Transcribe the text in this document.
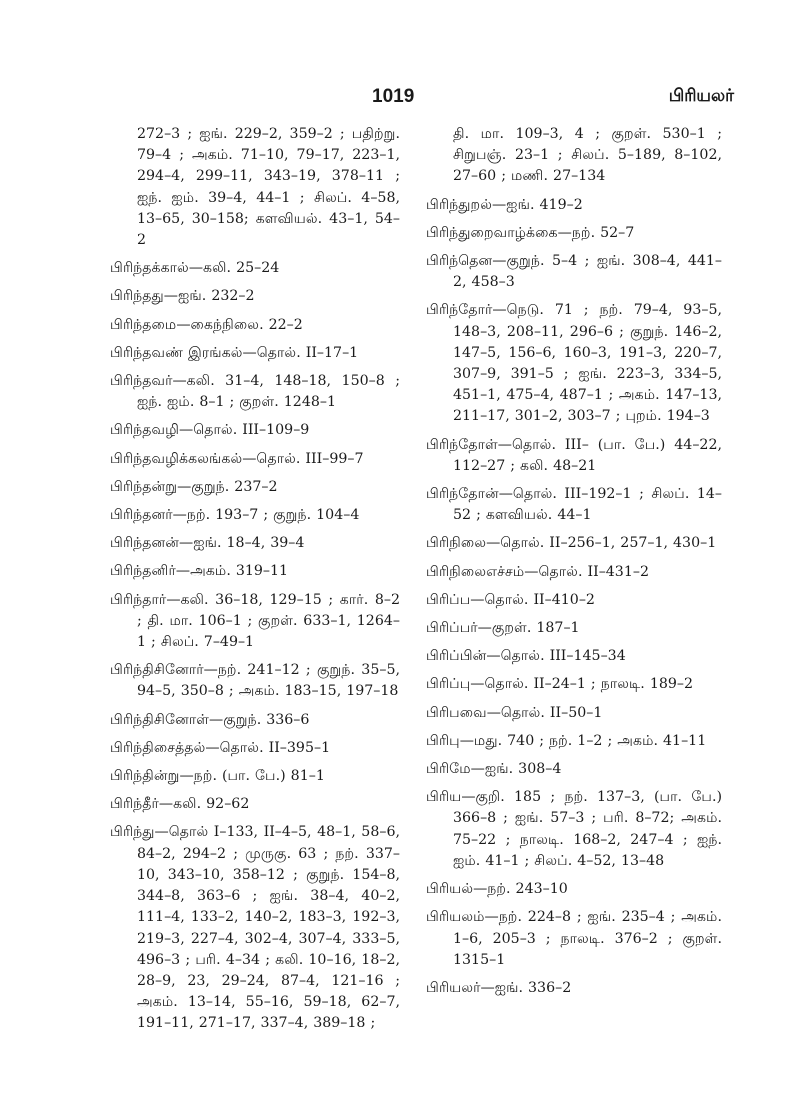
1019	பிரியலர்

272–3 ; ஐங். 229–2, 359–2 ; பதிற்று. 79–4 ; அகம். 71–10, 79–17, 223–1, 294–4, 299–11, 343–19, 378–11 ; ஐந். ஐம். 39–4, 44–1 ; சிலப். 4–58, 13–65, 30–158; களவியல். 43–1, 54–2

பிரிந்தக்கால்—கலி. 25–24

பிரிந்தது—ஐங். 232–2

பிரிந்தமை—கைந்நிலை. 22–2

பிரிந்தவண் இரங்கல்—தொல். II–17–1

பிரிந்தவர்—கலி. 31–4, 148–18, 150–8 ; ஐந். ஐம். 8–1 ; குறள். 1248–1

பிரிந்தவழி—தொல். III–109–9

பிரிந்தவழிக்கலங்கல்—தொல். III–99–7

பிரிந்தன்று—குறுந். 237–2

பிரிந்தனர்—நற். 193–7 ; குறுந். 104–4

பிரிந்தனன்—ஐங். 18–4, 39–4

பிரிந்தனிர்—அகம். 319–11

பிரிந்தார்—கலி. 36–18, 129–15 ; கார். 8–2 ; தி. மா. 106–1 ; குறள். 633–1, 1264–1 ; சிலப். 7–49–1

பிரிந்திசினோர்—நற். 241–12 ; குறுந். 35–5, 94–5, 350–8 ; அகம். 183–15, 197–18

பிரிந்திசினோள்—குறுந். 336–6

பிரிந்திசைத்தல்—தொல். II–395–1

பிரிந்தின்று—நற். (பா. பே.) 81–1

பிரிந்தீர்—கலி. 92–62

பிரிந்து—தொல் I–133, II–4–5, 48–1, 58–6, 84–2, 294–2 ; முருகு. 63 ; நற். 337–10, 343–10, 358–12 ; குறுந். 154–8, 344–8, 363–6 ; ஐங். 38–4, 40–2, 111–4, 133–2, 140–2, 183–3, 192–3, 219–3, 227–4, 302–4, 307–4, 333–5, 496–3 ; பரி. 4–34 ; கலி. 10–16, 18–2, 28–9, 23, 29–24, 87–4, 121–16 ; அகம். 13–14, 55–16, 59–18, 62–7, 191–11, 271–17, 337–4, 389–18 ;

தி. மா. 109–3, 4 ; குறள். 530–1 ; சிறுபஞ். 23–1 ; சிலப். 5–189, 8–102, 27–60 ; மணி. 27–134

பிரிந்துறல்—ஐங். 419–2

பிரிந்துறைவாழ்க்கை—நற். 52–7

பிரிந்தென—குறுந். 5–4 ; ஐங். 308–4, 441–2, 458–3

பிரிந்தோர்—நெடு. 71 ; நற். 79–4, 93–5, 148–3, 208–11, 296–6 ; குறுந். 146–2, 147–5, 156–6, 160–3, 191–3, 220–7, 307–9, 391–5 ; ஐங். 223–3, 334–5, 451–1, 475–4, 487–1 ; அகம். 147–13, 211–17, 301–2, 303–7 ; புறம். 194–3

பிரிந்தோள்—தொல். III– (பா. பே.) 44–22, 112–27 ; கலி. 48–21

பிரிந்தோன்—தொல். III–192–1 ; சிலப். 14–52 ; களவியல். 44–1

பிரிநிலை—தொல். II–256–1, 257–1, 430–1

பிரிநிலைஎச்சம்—தொல். II–431–2

பிரிப்ப—தொல். II–410–2

பிரிப்பர்—குறள். 187–1

பிரிப்பின்—தொல். III–145–34

பிரிப்பு—தொல். II–24–1 ; நாலடி. 189–2

பிரிபவை—தொல். II–50–1

பிரிபு—மது. 740 ; நற். 1–2 ; அகம். 41–11

பிரிமே—ஐங். 308–4

பிரிய—குறி. 185 ; நற். 137–3, (பா. பே.) 366–8 ; ஐங். 57–3 ; பரி. 8–72; அகம். 75–22 ; நாலடி. 168–2, 247–4 ; ஐந். ஐம். 41–1 ; சிலப். 4–52, 13–48

பிரியல்—நற். 243–10

பிரியலம்—நற். 224–8 ; ஐங். 235–4 ; அகம். 1–6, 205–3 ; நாலடி. 376–2 ; குறள். 1315–1

பிரியலர்—ஐங். 336–2
